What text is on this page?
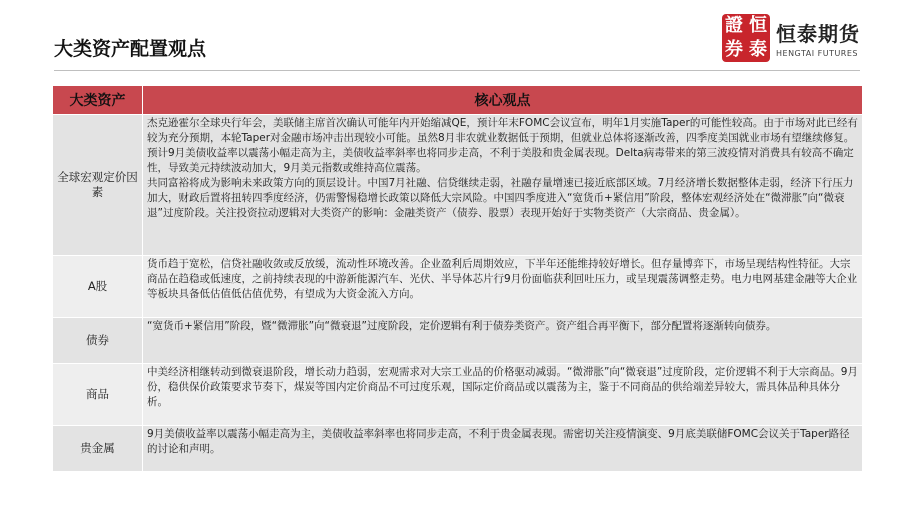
大类资产配置观点
證 恒
券 泰
恒泰期货
HENGTAI FUTURES
大类资产	核心观点
全球宏观定价因素	杰克逊霍尔全球央行年会，美联储主席首次确认可能年内开始缩减QE，预计年末FOMC会议宣布，明年1月实施Taper的可能性较高。由于市场对此已经有较为充分预期，本轮Taper对金融市场冲击出现较小可能。虽然8月非农就业数据低于预期，但就业总体将逐渐改善，四季度美国就业市场有望继续修复。预计9月美债收益率以震荡小幅走高为主，美债收益率斜率也将同步走高，不利于美股和贵金属表现。Delta病毒带来的第三波疫情对消费具有较高不确定性，导致美元持续波动加大，9月美元指数或维持高位震荡。
共同富裕将成为影响未来政策方向的顶层设计。中国7月社融、信贷继续走弱，社融存量增速已接近底部区域。7月经济增长数据整体走弱，经济下行压力加大，财政后置将扭转四季度经济，仍需警惕稳增长政策以降低大宗风险。中国四季度进入“宽货币+紧信用”阶段，整体宏观经济处在“微滞胀”向“微衰退”过度阶段。关注投资拉动逻辑对大类资产的影响：金融类资产（债券、股票）表现开始好于实物类资产（大宗商品、贵金属）。

A股	货币趋于宽松，信贷社融收敛或反放缓，流动性环境改善。企业盈利后周期效应，下半年还能维持较好增长。但存量博弈下，市场呈现结构性特征。大宗商品在趋稳或低速度，之前持续表现的中游新能源汽车、光伏、半导体芯片行9月份面临获利回吐压力，或呈现震荡调整走势。电力电网基建金融等大企业等板块具备低估值低估值优势，有望成为大资金流入方向。

债券	“宽货币+紧信用”阶段，暨“微滞胀”向“微衰退”过度阶段，定价逻辑有利于债券类资产。资产组合再平衡下，部分配置将逐渐转向债券。

商品	中美经济相继转动到微衰退阶段，增长动力趋弱，宏观需求对大宗工业品的价格驱动减弱。“微滞胀”向“微衰退”过度阶段，定价逻辑不利于大宗商品。9月份，稳供保价政策要求节奏下，煤炭等国内定价商品不可过度乐观，国际定价商品或以震荡为主，鉴于不同商品的供给端差异较大，需具体品种具体分析。

贵金属	9月美债收益率以震荡小幅走高为主，美债收益率斜率也将同步走高，不利于贵金属表现。需密切关注疫情演变、9月底美联储FOMC会议关于Taper路径的讨论和声明。
